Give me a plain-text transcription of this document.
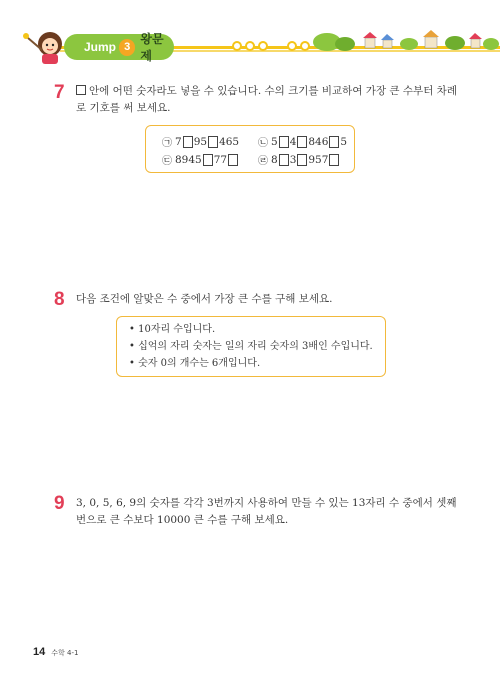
Jump 3
왕문제
7	안에 어떤 숫자라도 넣을 수 있습니다. 수의 크기를 비교하여 가장 큰 수부터 차례
로 기호를 써 보세요.
㉠ 7 95 465 ㉡ 5 4 846 5
㉢ 8945 77	㉣ 8 3 957
8 다음 조건에 알맞은 수 중에서 가장 큰 수를 구해 보세요.
• 10자리 수입니다.
• 십억의 자리 숫자는 일의 자리 숫자의 3배인 수입니다.
• 숫자 0의 개수는 6개입니다.
9 3, 0, 5, 6, 9의 숫자를 각각 3번까지 사용하여 만들 수 있는 13자리 수 중에서 셋째
번으로 큰 수보다 10000 큰 수를 구해 보세요.
14 수학 4-1
